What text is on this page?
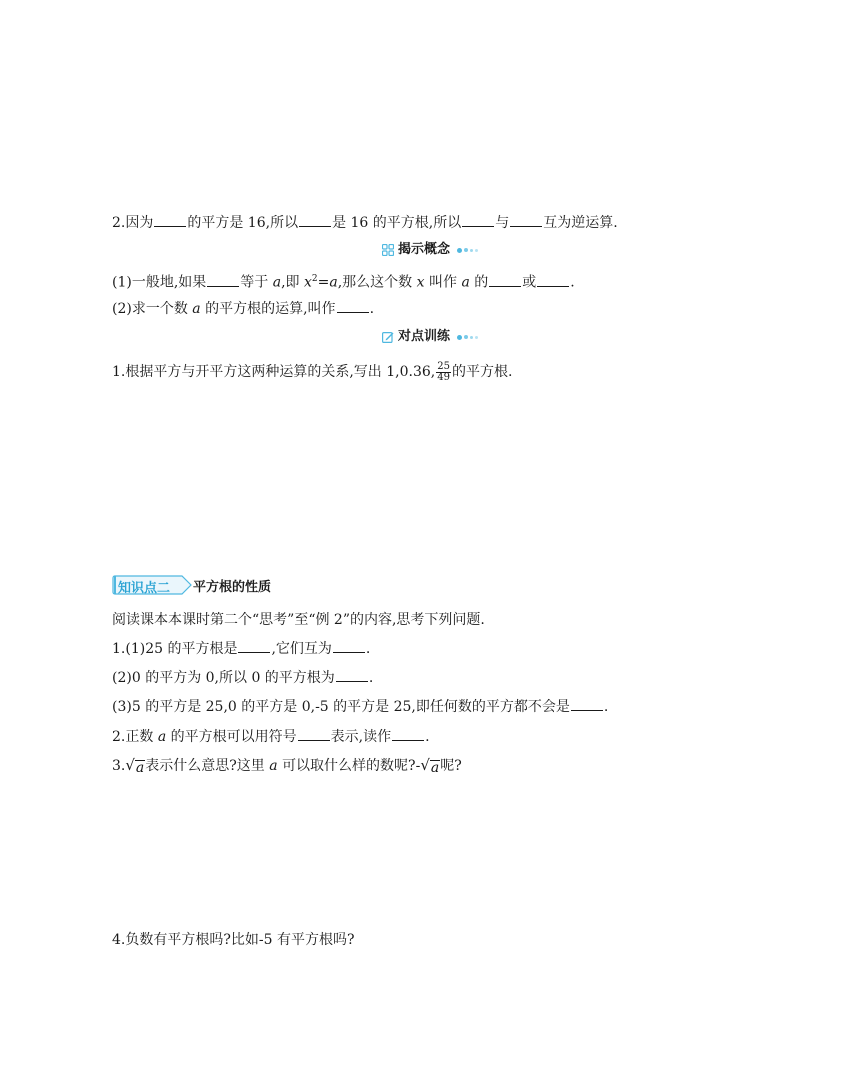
2.因为 的平方是 16,所以 是 16 的平方根,所以 与 互为逆运算.
揭示概念
(1)一般地,如果 等于 a,即 $x^2=a$,那么这个数 x 叫作 a 的 或 .
(2)求一个数 a 的平方根的运算,叫作 .
对点训练
1.根据平方与开平方这两种运算的关系,写出 1,0.36, $\frac{25}{49}$ 的平方根.
知识点二 平方根的性质
阅读课本本课时第二个“思考”至“例 2”的内容,思考下列问题.
1.(1)25 的平方根是 ,它们互为 .
(2)0 的平方为 0,所以 0 的平方根为 .
(3)5 的平方是 25,0 的平方是 0,-5 的平方是 25,即任何数的平方都不会是 .
2.正数 a 的平方根可以用符号 表示,读作 .
3. √ a 表示什么意思?这里 a 可以取什么样的数呢?- √ a 呢?
4.负数有平方根吗?比如-5 有平方根吗?
